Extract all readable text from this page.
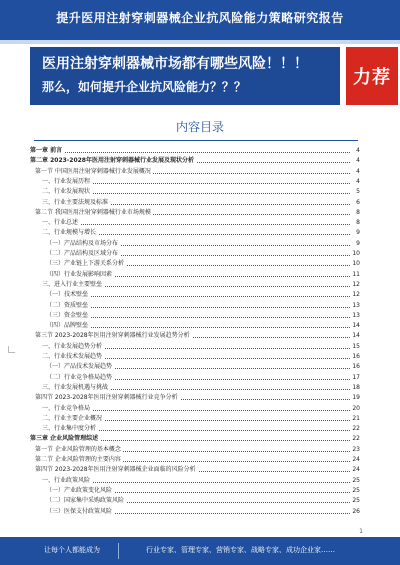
提升医用注射穿刺器械企业抗风险能力策略研究报告
医用注射穿刺器械市场都有哪些风险！！！
那么，如何提升企业抗风险能力？？？	力荐
内容目录
第一章 前言	4
第二章 2023-2028年医用注射穿刺器械行业发展及现状分析	4
第一节 中国医用注射穿刺器械行业发展概况	4
一、行业发展历程	4
二、行业发展现状	5
三、行业主要法规及标准	6
第二节 我国医用注射穿刺器械行业市场规模	8
一、行业总述	8
二、行业规模与增长	9
（一）产品结构及市场分布	9
（二）产品结构及区域分布	10
（三）产业链上下游关系分析	10
（四）行业发展影响因素	11
三、进入行业主要壁垒	12
（一）技术壁垒	12
（二）资质壁垒	13
（三）资金壁垒	13
（四）品牌壁垒	14
第三节 2023-2028年医用注射穿刺器械行业发展趋势分析	14
一、行业发展趋势分析	15
二、行业技术发展趋势	16
（一）产品技术发展趋势	16
（二）行业竞争格局趋势	17
三、行业发展机遇与挑战	18
第四节 2023-2028年医用注射穿刺器械行业竞争分析	19
一、行业竞争格局	20
二、行业主要企业概况	21
三、行业集中度分析	22
第三章 企业风险管理综述	22
第一节 企业风险管理的基本概念	23
第二节 企业风险管理的主要内容	24
第四节 2023-2028年医用注射穿刺器械企业面临的风险分析	24
一、行业政策风险	25
（一）产业政策变化风险	25
（二）国家集中采购政策风险	25
（三）医保支付政策风险	26
1
让每个人都能成为	行业专家、管理专家、营销专家、战略专家、成功企业家……
